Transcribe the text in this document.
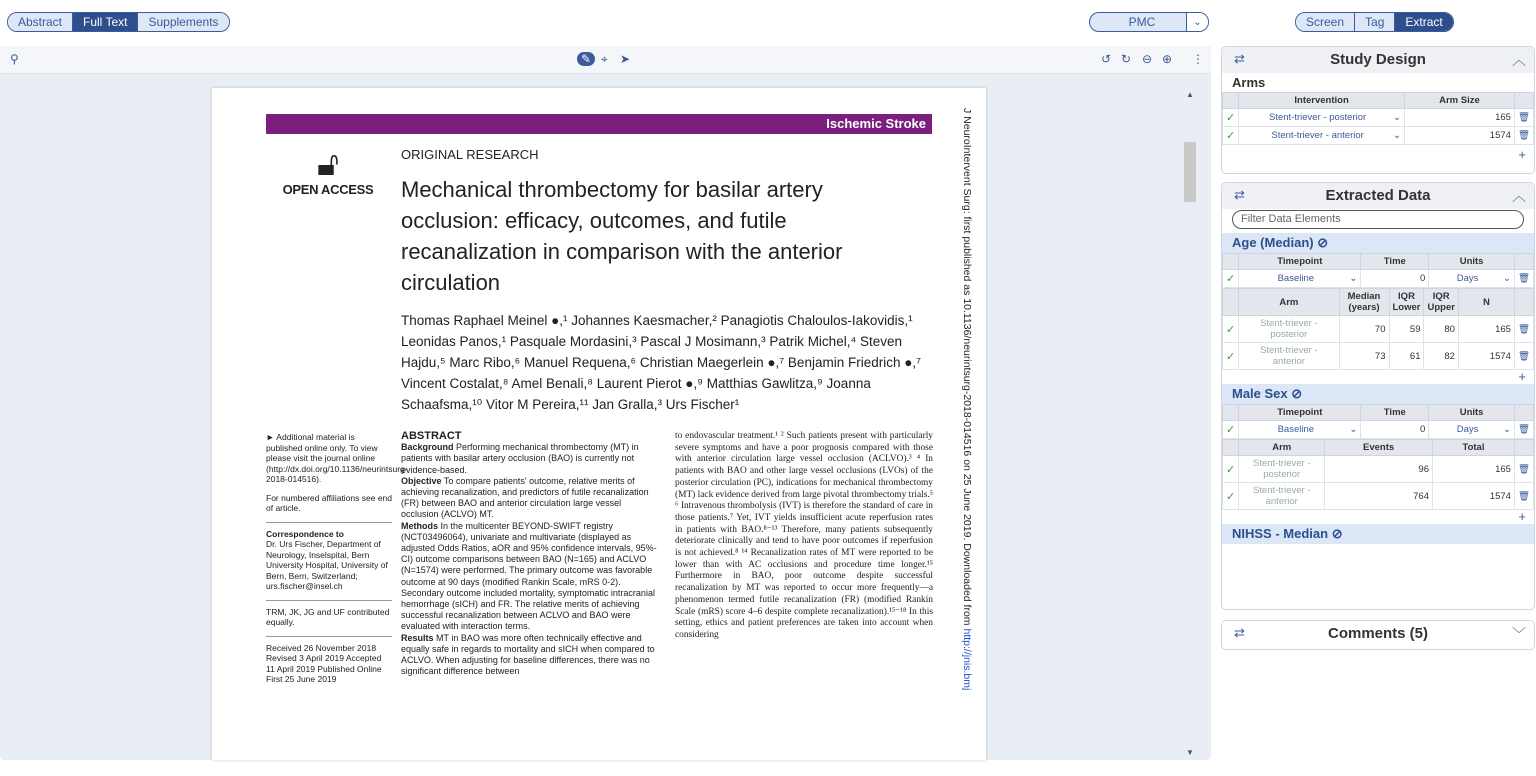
Abstract	Full Text	Supplements	PMC	⌄	Screen	Tag	Extract
⚲	✎ ⌖ ➤	↺ ↻ ⊖ ⊕ ⋮
▲
▼
Ischemic Stroke
🔓︎
OPEN ACCESS
ORIGINAL RESEARCH
Mechanical thrombectomy for basilar artery occlusion: efficacy, outcomes, and futile recanalization in comparison with the anterior circulation
Thomas Raphael Meinel ●,¹ Johannes Kaesmacher,² Panagiotis Chaloulos-Iakovidis,¹ Leonidas Panos,¹ Pasquale Mordasini,³ Pascal J Mosimann,³ Patrik Michel,⁴ Steven Hajdu,⁵ Marc Ribo,⁶ Manuel Requena,⁶ Christian Maegerlein ●,⁷ Benjamin Friedrich ●,⁷ Vincent Costalat,⁸ Amel Benali,⁸ Laurent Pierot ●,⁹ Matthias Gawlitza,⁹ Joanna Schaafsma,¹⁰ Vitor M Pereira,¹¹ Jan Gralla,³ Urs Fischer¹

► Additional material is published online only. To view please visit the journal online (http://dx.doi.org/10.1136/neurintsurg-2018-014516).

For numbered affiliations see end of article.

Correspondence to

Dr. Urs Fischer, Department of Neurology, Inselspital, Bern University Hospital, University of Bern, Bern, Switzerland; urs.fischer@insel.ch

TRM, JK, JG and UF contributed equally.

Received 26 November 2018 Revised 3 April 2019 Accepted 11 April 2019 Published Online First 25 June 2019

ABSTRACT
Background Performing mechanical thrombectomy (MT) in patients with basilar artery occlusion (BAO) is currently not evidence-based.
Objective To compare patients' outcome, relative merits of achieving recanalization, and predictors of futile recanalization (FR) between BAO and anterior circulation large vessel occlusion (ACLVO) MT.
Methods In the multicenter BEYOND-SWIFT registry (NCT03496064), univariate and multivariate (displayed as adjusted Odds Ratios, aOR and 95% confidence intervals, 95%-CI) outcome comparisons between BAO (N=165) and ACLVO (N=1574) were performed. The primary outcome was favorable outcome at 90 days (modified Rankin Scale, mRS 0-2). Secondary outcome included mortality, symptomatic intracranial hemorrhage (sICH) and FR. The relative merits of achieving successful recanalization between ACLVO and BAO were evaluated with interaction terms.
Results MT in BAO was more often technically effective and equally safe in regards to mortality and sICH when compared to ACLVO. When adjusting for baseline differences, there was no significant difference between
to endovascular treatment.¹ ² Such patients present with particularly severe symptoms and have a poor prognosis compared with those with anterior circulation large vessel occlusion (ACLVO).³ ⁴ In patients with BAO and other large vessel occlusions (LVOs) of the posterior circulation (PC), indications for mechanical thrombectomy (MT) lack evidence derived from large pivotal thrombectomy trials.⁵ ⁶ Intravenous thrombolysis (IVT) is therefore the standard of care in those patients.⁷ Yet, IVT yields insufficient acute reperfusion rates in patients with BAO.⁸⁻¹³ Therefore, many patients subsequently deteriorate clinically and tend to have poor outcomes if reperfusion is not achieved.⁸ ¹⁴ Recanalization rates of MT were reported to be lower than with AC occlusions and procedure time longer.¹⁵ Furthermore in BAO, poor outcome despite successful recanalization by MT was reported to occur more frequently—a phenomenon termed futile recanalization (FR) (modified Rankin Scale (mRS) score 4–6 despite complete recanalization).¹⁵⁻¹⁸ In this setting, ethics and patient preferences are taken into account when considering
J NeuroIntervent Surg: first published as 10.1136/neurintsurg-2018-014516 on 25 June 2019. Downloaded from http://jnis.bmj
⇄	Study Design	︿
Arms
	Intervention	Arm Size	
✓	Stent-triever - posterior ⌄	165	🗑︎
✓	Stent-triever - anterior ⌄	1574	🗑︎
+
⇄	Extracted Data	︿
Filter Data Elements
Age (Median) ⊘
	Timepoint	Time	Units	
✓	Baseline ⌄	0	Days ⌄	🗑︎
	Arm	Median (years)	IQR Lower	IQR Upper	N	
✓	Stent-triever -
posterior	70	59	80	165	🗑︎
✓	Stent-triever -
anterior	73	61	82	1574	🗑︎
+
Male Sex ⊘
	Timepoint	Time	Units	
✓	Baseline ⌄	0	Days ⌄	🗑︎
	Arm	Events	Total	
✓	Stent-triever -
posterior	96	165	🗑︎
✓	Stent-triever -
anterior	764	1574	🗑︎
+
NIHSS - Median ⊘
⇄	Comments (5)	﹀
